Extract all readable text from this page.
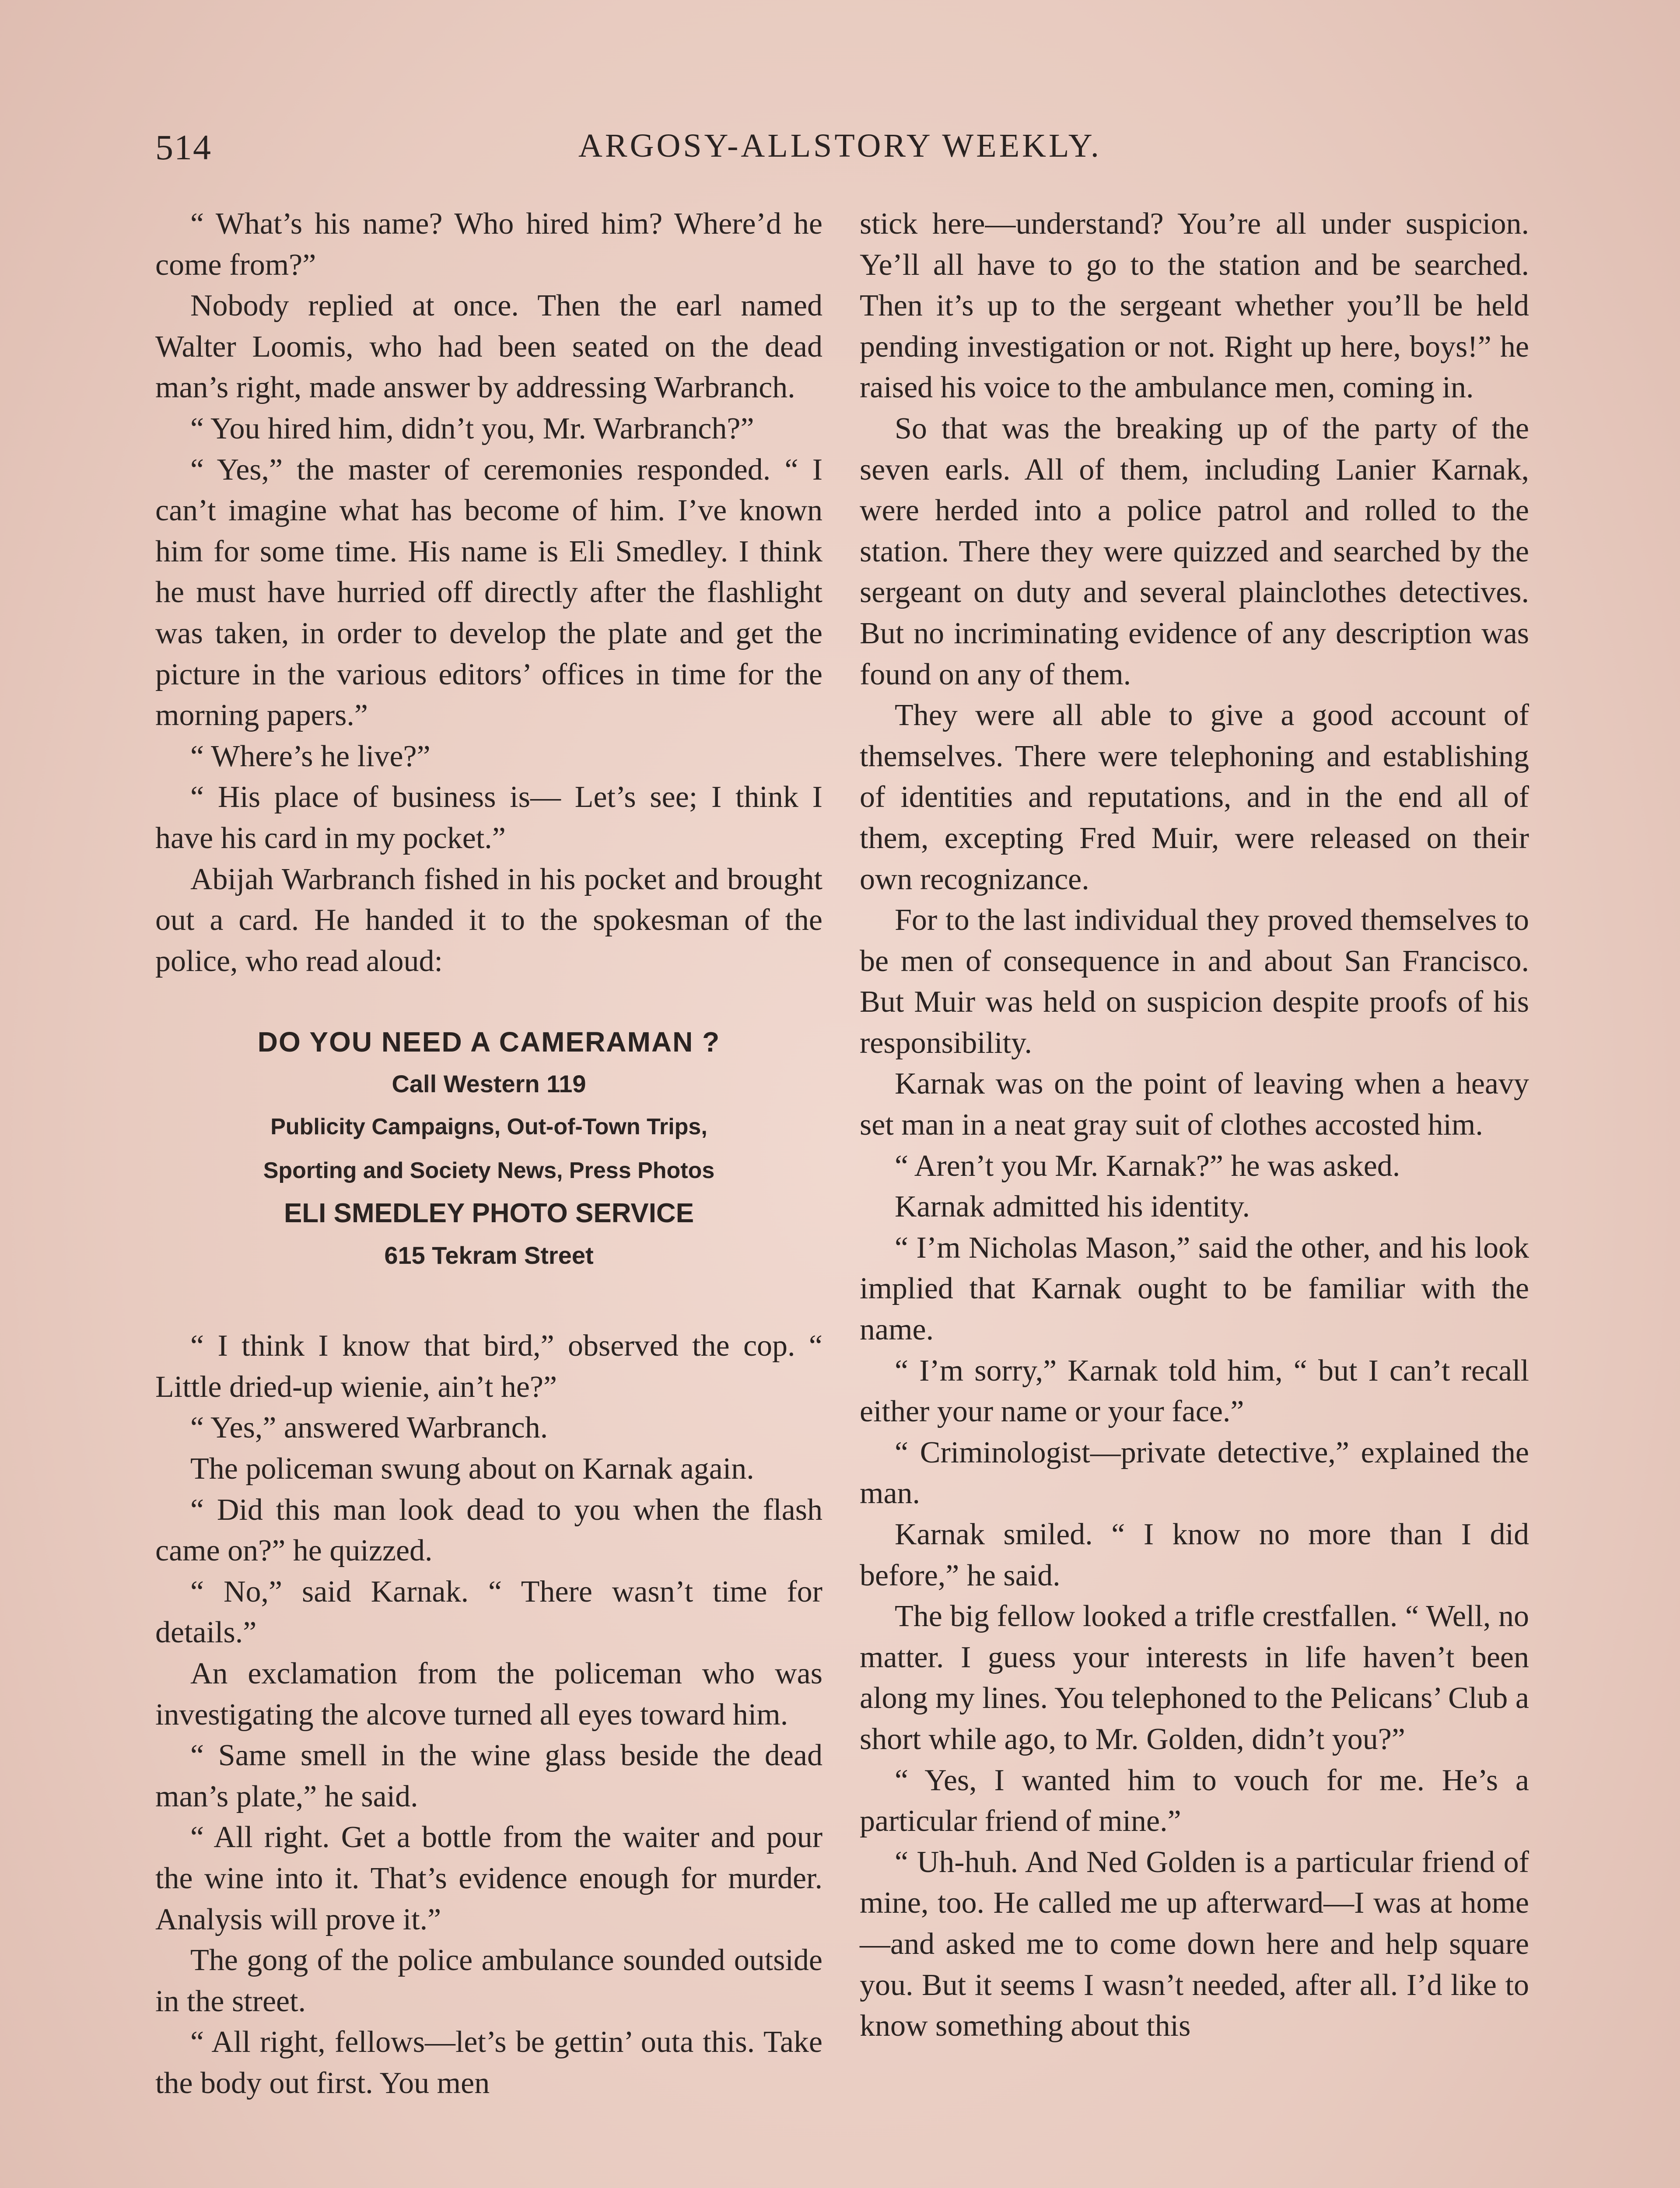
514	ARGOSY-ALLSTORY WEEKLY.

“ What’s his name? Who hired him? Where’d he come from?”

Nobody replied at once. Then the earl named Walter Loomis, who had been seated on the dead man’s right, made answer by addressing Warbranch.

“ You hired him, didn’t you, Mr. Warbranch?”

“ Yes,” the master of ceremonies responded. “ I can’t imagine what has become of him. I’ve known him for some time. His name is Eli Smedley. I think he must have hurried off directly after the flashlight was taken, in order to develop the plate and get the picture in the various editors’ offices in time for the morning papers.”

“ Where’s he live?”

“ His place of business is— Let’s see; I think I have his card in my pocket.”

Abijah Warbranch fished in his pocket and brought out a card. He handed it to the spokesman of the police, who read aloud:

DO YOU NEED A CAMERAMAN ?

Call Western 119

Publicity Campaigns, Out-of-Town Trips,

Sporting and Society News, Press Photos

ELI SMEDLEY PHOTO SERVICE

615 Tekram Street

“ I think I know that bird,” observed the cop. “ Little dried-up wienie, ain’t he?”

“ Yes,” answered Warbranch.

The policeman swung about on Karnak again.

“ Did this man look dead to you when the flash came on?” he quizzed.

“ No,” said Karnak. “ There wasn’t time for details.”

An exclamation from the policeman who was investigating the alcove turned all eyes toward him.

“ Same smell in the wine glass beside the dead man’s plate,” he said.

“ All right. Get a bottle from the waiter and pour the wine into it. That’s evidence enough for murder. Analysis will prove it.”

The gong of the police ambulance sounded outside in the street.

“ All right, fellows—let’s be gettin’ outa this. Take the body out first. You men

stick here—understand? You’re all under suspicion. Ye’ll all have to go to the station and be searched. Then it’s up to the sergeant whether you’ll be held pending investigation or not. Right up here, boys!” he raised his voice to the ambulance men, coming in.

So that was the breaking up of the party of the seven earls. All of them, including Lanier Karnak, were herded into a police patrol and rolled to the station. There they were quizzed and searched by the sergeant on duty and several plainclothes detectives. But no incriminating evidence of any description was found on any of them.

They were all able to give a good account of themselves. There were telephoning and establishing of identities and reputations, and in the end all of them, excepting Fred Muir, were released on their own recognizance.

For to the last individual they proved themselves to be men of consequence in and about San Francisco. But Muir was held on suspicion despite proofs of his responsibility.

Karnak was on the point of leaving when a heavy set man in a neat gray suit of clothes accosted him.

“ Aren’t you Mr. Karnak?” he was asked.

Karnak admitted his identity.

“ I’m Nicholas Mason,” said the other, and his look implied that Karnak ought to be familiar with the name.

“ I’m sorry,” Karnak told him, “ but I can’t recall either your name or your face.”

“ Criminologist—private detective,” explained the man.

Karnak smiled. “ I know no more than I did before,” he said.

The big fellow looked a trifle crestfallen. “ Well, no matter. I guess your interests in life haven’t been along my lines. You telephoned to the Pelicans’ Club a short while ago, to Mr. Golden, didn’t you?”

“ Yes, I wanted him to vouch for me. He’s a particular friend of mine.”

“ Uh-huh. And Ned Golden is a particular friend of mine, too. He called me up afterward—I was at home—and asked me to come down here and help square you. But it seems I wasn’t needed, after all. I’d like to know something about this
